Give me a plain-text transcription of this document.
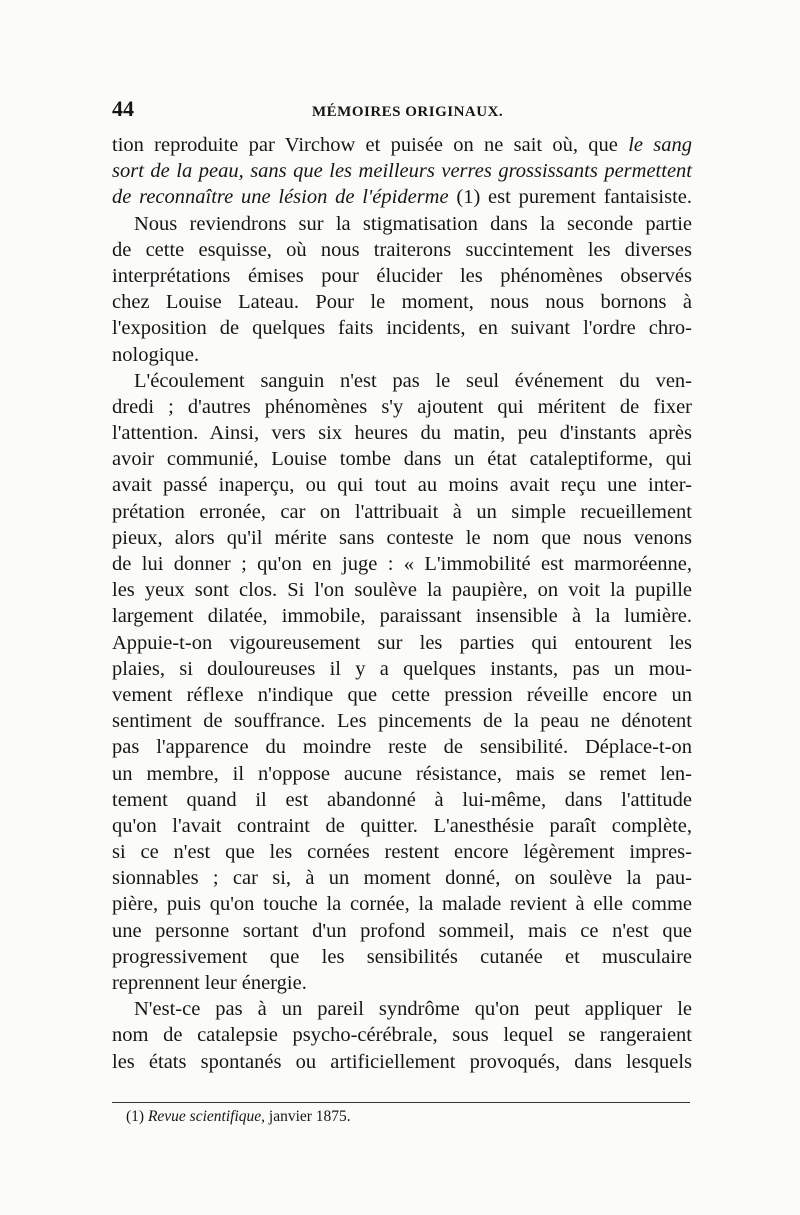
44	MÉMOIRES ORIGINAUX.
tion reproduite par Virchow et puisée on ne sait où, que le sang
sort de la peau, sans que les meilleurs verres grossissants permettent
de reconnaître une lésion de l'épiderme (1) est purement fantaisiste.
Nous reviendrons sur la stigmatisation dans la seconde partie
de cette esquisse, où nous traiterons succintement les diverses
interprétations émises pour élucider les phénomènes observés
chez Louise Lateau. Pour le moment, nous nous bornons à
l'exposition de quelques faits incidents, en suivant l'ordre chro-
nologique.
L'écoulement sanguin n'est pas le seul événement du ven-
dredi ; d'autres phénomènes s'y ajoutent qui méritent de fixer
l'attention. Ainsi, vers six heures du matin, peu d'instants après
avoir communié, Louise tombe dans un état cataleptiforme, qui
avait passé inaperçu, ou qui tout au moins avait reçu une inter-
prétation erronée, car on l'attribuait à un simple recueillement
pieux, alors qu'il mérite sans conteste le nom que nous venons
de lui donner ; qu'on en juge : « L'immobilité est marmoréenne,
les yeux sont clos. Si l'on soulève la paupière, on voit la pupille
largement dilatée, immobile, paraissant insensible à la lumière.
Appuie-t-on vigoureusement sur les parties qui entourent les
plaies, si douloureuses il y a quelques instants, pas un mou-
vement réflexe n'indique que cette pression réveille encore un
sentiment de souffrance. Les pincements de la peau ne dénotent
pas l'apparence du moindre reste de sensibilité. Déplace-t-on
un membre, il n'oppose aucune résistance, mais se remet len-
tement quand il est abandonné à lui-même, dans l'attitude
qu'on l'avait contraint de quitter. L'anesthésie paraît complète,
si ce n'est que les cornées restent encore légèrement impres-
sionnables ; car si, à un moment donné, on soulève la pau-
pière, puis qu'on touche la cornée, la malade revient à elle comme
une personne sortant d'un profond sommeil, mais ce n'est que
progressivement que les sensibilités cutanée et musculaire
reprennent leur énergie.
N'est-ce pas à un pareil syndrôme qu'on peut appliquer le
nom de catalepsie psycho-cérébrale, sous lequel se rangeraient
les états spontanés ou artificiellement provoqués, dans lesquels
(1) Revue scientifique, janvier 1875.
